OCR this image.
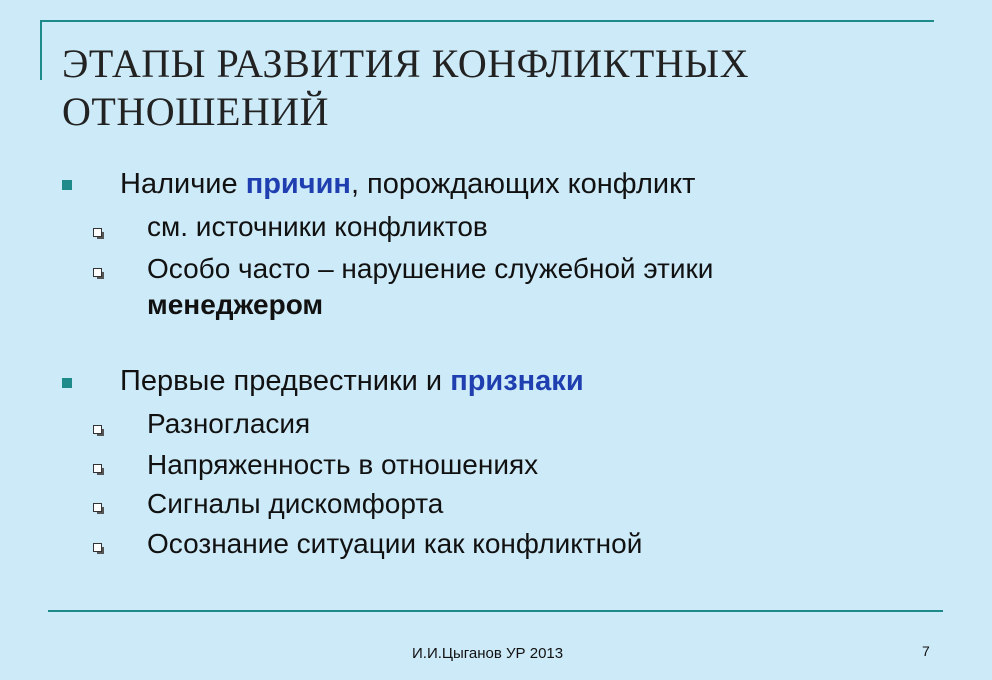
ЭТАПЫ РАЗВИТИЯ КОНФЛИКТНЫХ
ОТНОШЕНИЙ
Наличие причин, порождающих конфликт
см. источники конфликтов
Особо часто – нарушение служебной этики
менеджером
Первые предвестники и признаки
Разногласия
Напряженность в отношениях
Сигналы дискомфорта
Осознание ситуации как конфликтной
И.И.Цыганов УР 2013	7
